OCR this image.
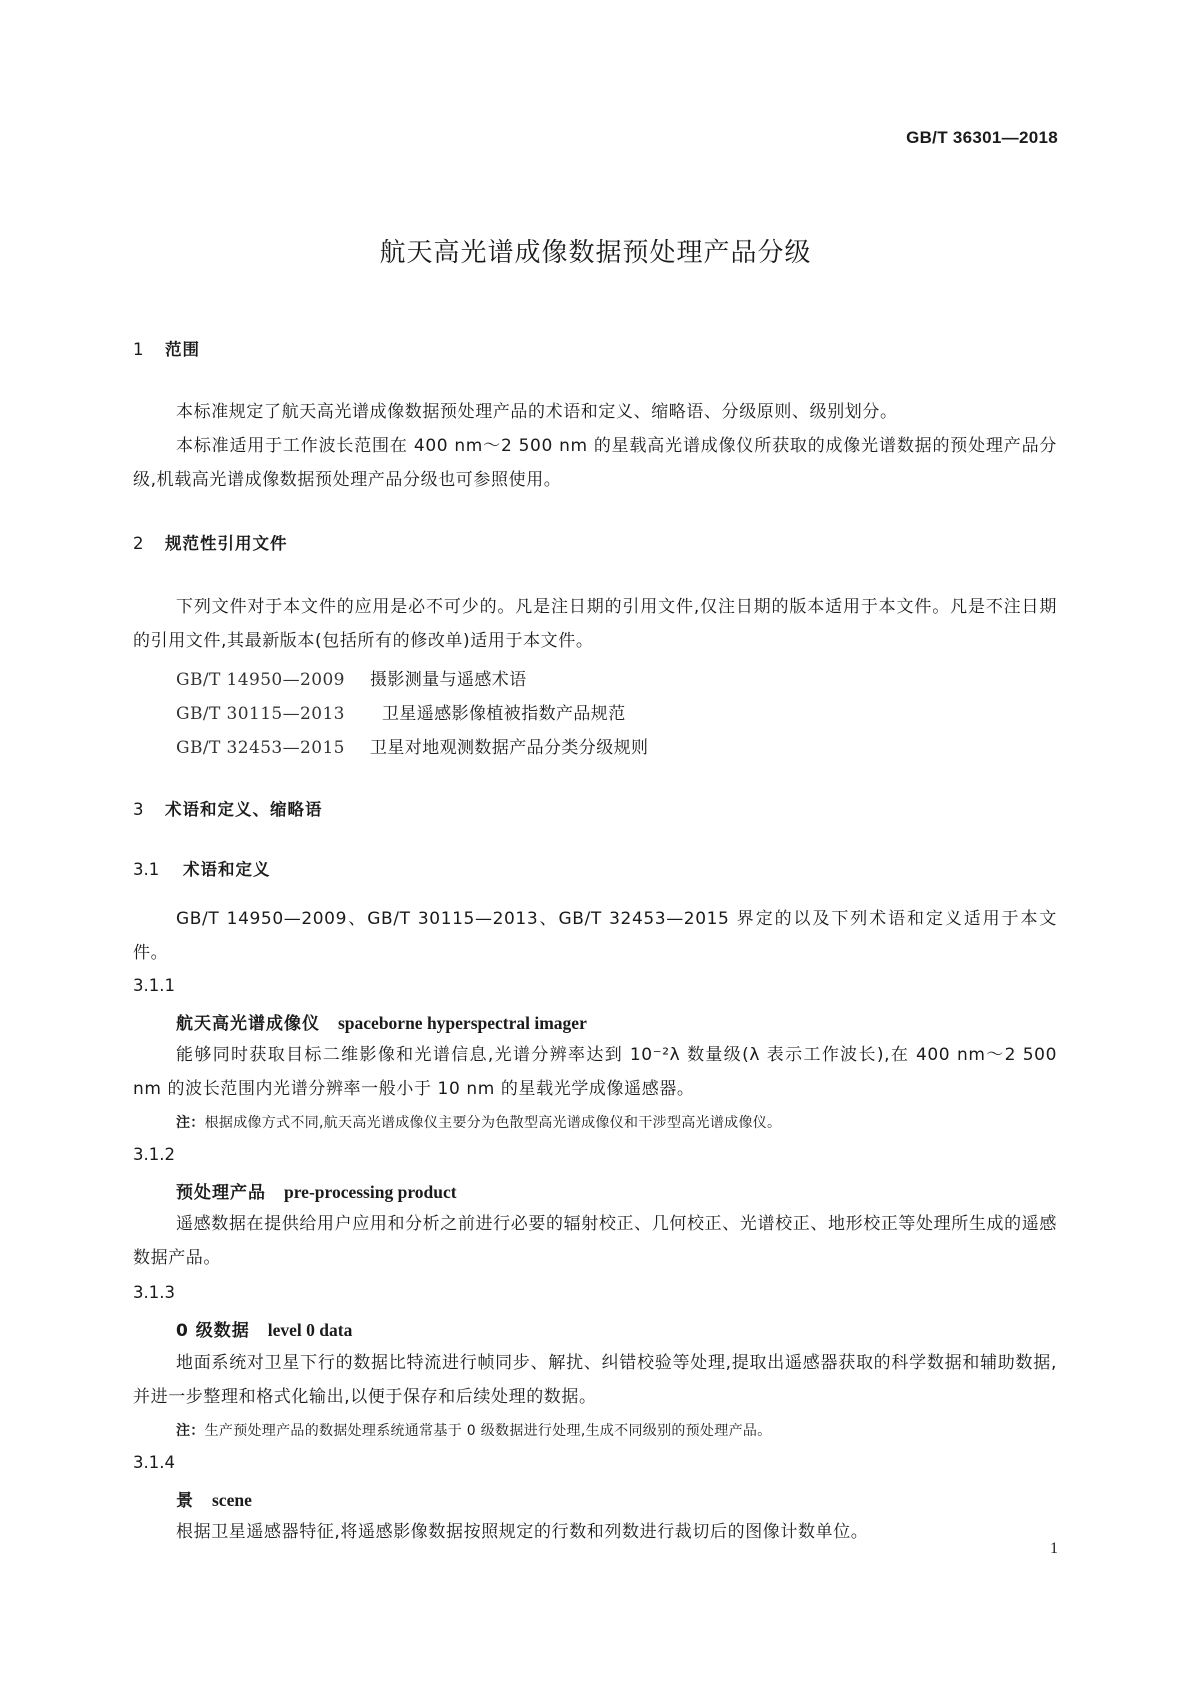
GB/T 36301—2018
航天高光谱成像数据预处理产品分级
1 范围
本标准规定了航天高光谱成像数据预处理产品的术语和定义、缩略语、分级原则、级别划分。
本标准适用于工作波长范围在 400 nm～2 500 nm 的星载高光谱成像仪所获取的成像光谱数据的预处理产品分级,机载高光谱成像数据预处理产品分级也可参照使用。
2 规范性引用文件
下列文件对于本文件的应用是必不可少的。凡是注日期的引用文件,仅注日期的版本适用于本文件。凡是不注日期的引用文件,其最新版本(包括所有的修改单)适用于本文件。
GB/T 14950—2009 摄影测量与遥感术语
GB/T 30115—2013 卫星遥感影像植被指数产品规范
GB/T 32453—2015 卫星对地观测数据产品分类分级规则
3 术语和定义、缩略语
3.1 术语和定义
GB/T 14950—2009、GB/T 30115—2013、GB/T 32453—2015 界定的以及下列术语和定义适用于本文件。
3.1.1
航天高光谱成像仪 spaceborne hyperspectral imager
能够同时获取目标二维影像和光谱信息,光谱分辨率达到 10⁻²λ 数量级(λ 表示工作波长),在 400 nm～2 500 nm 的波长范围内光谱分辨率一般小于 10 nm 的星载光学成像遥感器。
注：根据成像方式不同,航天高光谱成像仪主要分为色散型高光谱成像仪和干涉型高光谱成像仪。
3.1.2
预处理产品 pre-processing product
遥感数据在提供给用户应用和分析之前进行必要的辐射校正、几何校正、光谱校正、地形校正等处理所生成的遥感数据产品。
3.1.3
0 级数据 level 0 data
地面系统对卫星下行的数据比特流进行帧同步、解扰、纠错校验等处理,提取出遥感器获取的科学数据和辅助数据,并进一步整理和格式化输出,以便于保存和后续处理的数据。
注：生产预处理产品的数据处理系统通常基于 0 级数据进行处理,生成不同级别的预处理产品。
3.1.4
景 scene
根据卫星遥感器特征,将遥感影像数据按照规定的行数和列数进行裁切后的图像计数单位。
1
